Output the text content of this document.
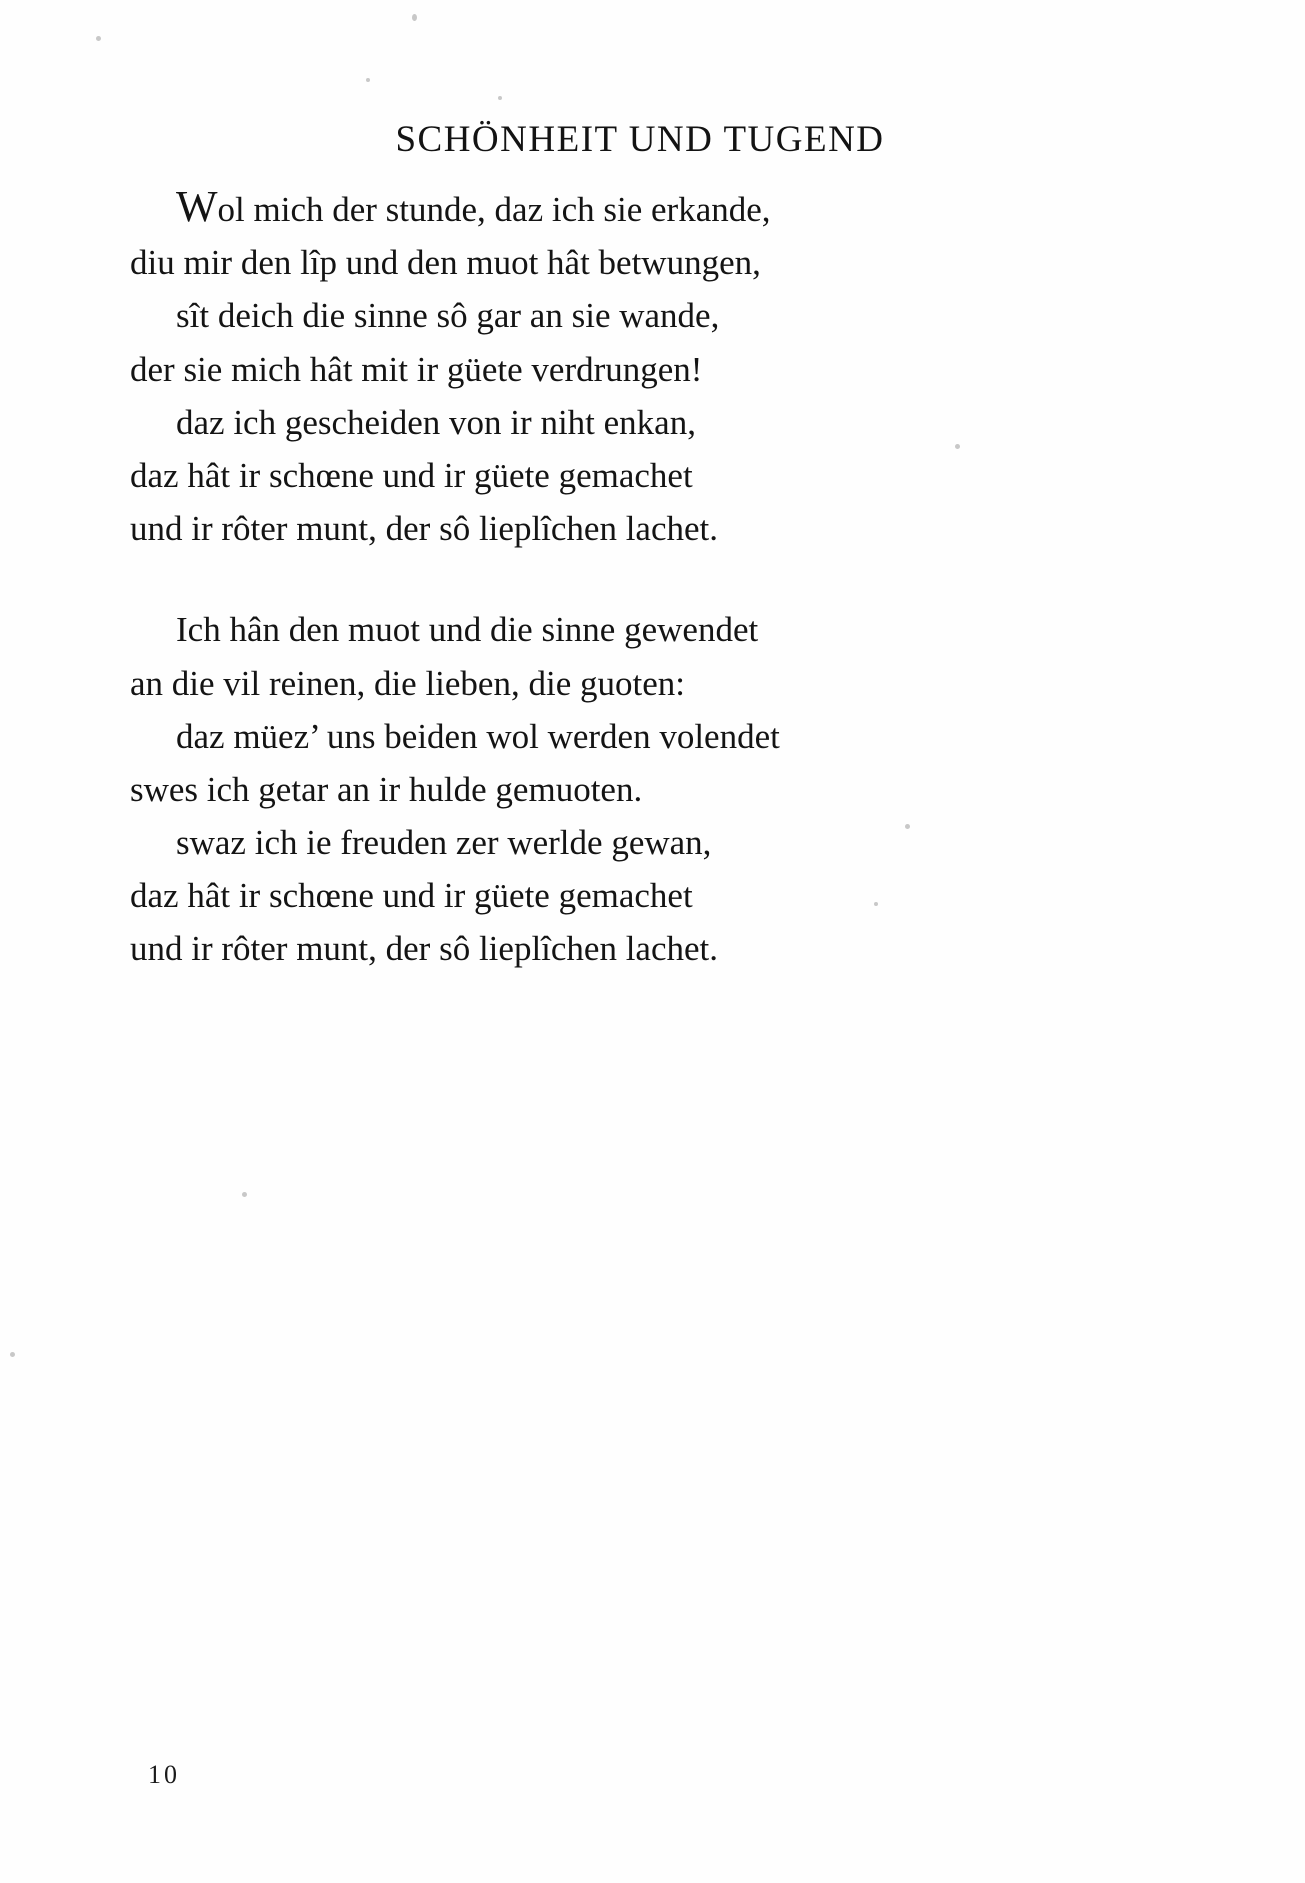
SCHÖNHEIT UND TUGEND

Wol mich der stunde, daz ich sie erkande,

diu mir den lîp und den muot hât betwungen,

sît deich die sinne sô gar an sie wande,

der sie mich hât mit ir güete verdrungen!

daz ich gescheiden von ir niht enkan,

daz hât ir schœne und ir güete gemachet

und ir rôter munt, der sô lieplîchen lachet.

Ich hân den muot und die sinne gewendet

an die vil reinen, die lieben, die guoten:

daz müez’ uns beiden wol werden volendet

swes ich getar an ir hulde gemuoten.

swaz ich ie freuden zer werlde gewan,

daz hât ir schœne und ir güete gemachet

und ir rôter munt, der sô lieplîchen lachet.

10
